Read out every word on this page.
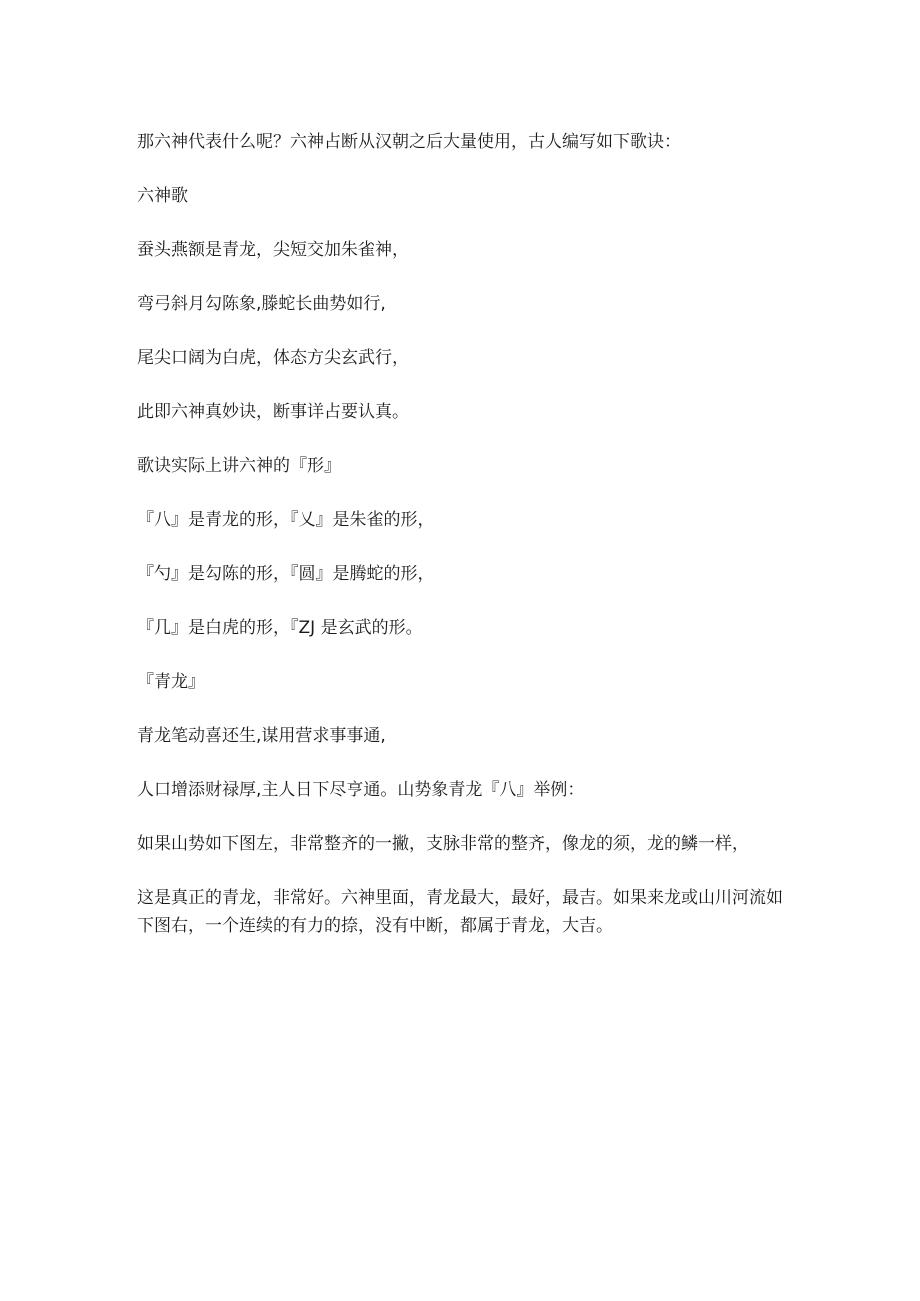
那六神代表什么呢？六神占断从汉朝之后大量使用，古人编写如下歌诀：

六神歌

蚕头燕额是青龙，尖短交加朱雀神，

弯弓斜月勾陈象,滕蛇长曲势如行,

尾尖口阔为白虎，体态方尖玄武行，

此即六神真妙诀，断事详占要认真。

歌诀实际上讲六神的『形』

『八』是青龙的形，『乂』是朱雀的形，

『勺』是勾陈的形，『圆』是腾蛇的形，

『几』是白虎的形，『ZJ 是玄武的形。

『青龙』

青龙笔动喜还生,谋用营求事事通,

人口增添财禄厚,主人日下尽亨通。山势象青龙『八』举例：

如果山势如下图左，非常整齐的一撇，支脉非常的整齐，像龙的须，龙的鳞一样，

这是真正的青龙，非常好。六神里面，青龙最大，最好，最吉。如果来龙或山川河流如下图右，一个连续的有力的捺，没有中断，都属于青龙，大吉。
